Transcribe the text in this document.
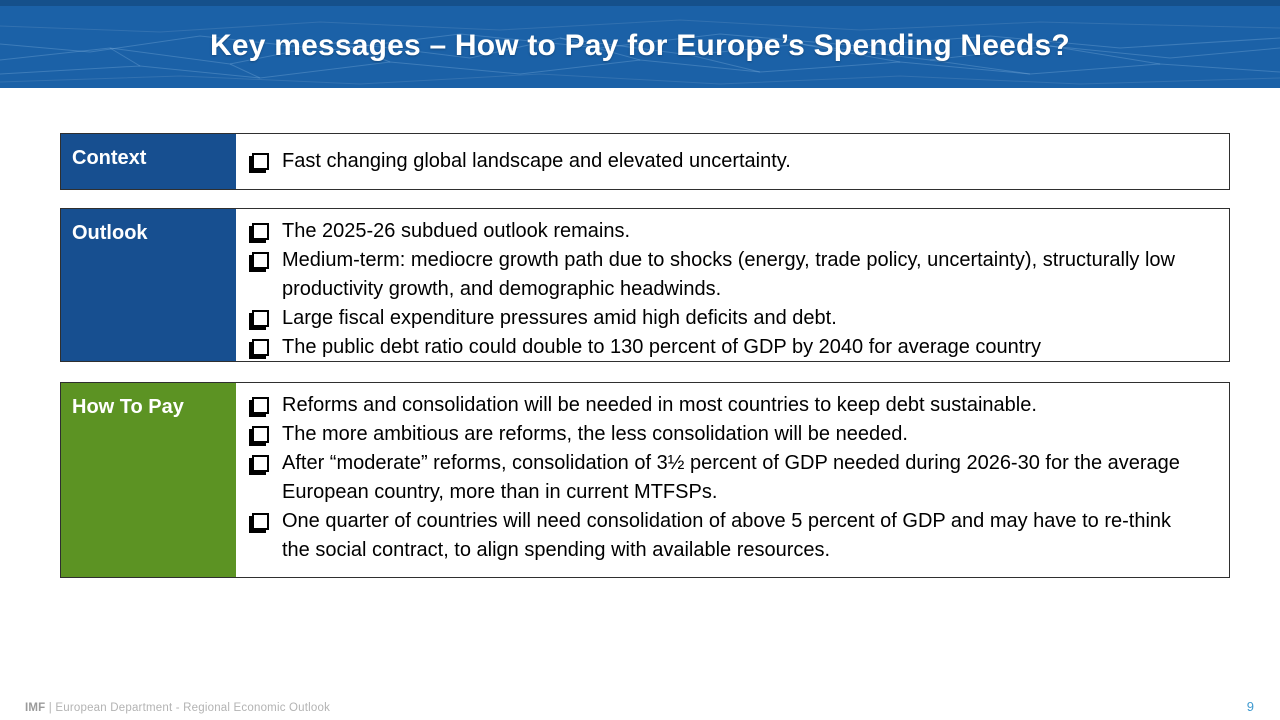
Key messages – How to Pay for Europe’s Spending Needs?
Context	Fast changing global landscape and elevated uncertainty.
Outlook	The 2025-26 subdued outlook remains.
Medium-term: mediocre growth path due to shocks (energy, trade policy, uncertainty), structurally low productivity growth, and demographic headwinds.
Large fiscal expenditure pressures amid high deficits and debt.
The public debt ratio could double to 130 percent of GDP by 2040 for average country
How To Pay	Reforms and consolidation will be needed in most countries to keep debt sustainable.
The more ambitious are reforms, the less consolidation will be needed.
After “moderate” reforms, consolidation of 3½ percent of GDP needed during 2026-30 for the average European country, more than in current MTFSPs.
One quarter of countries will need consolidation of above 5 percent of GDP and may have to re-think the social contract, to align spending with available resources.
IMF | European Department - Regional Economic Outlook	9
